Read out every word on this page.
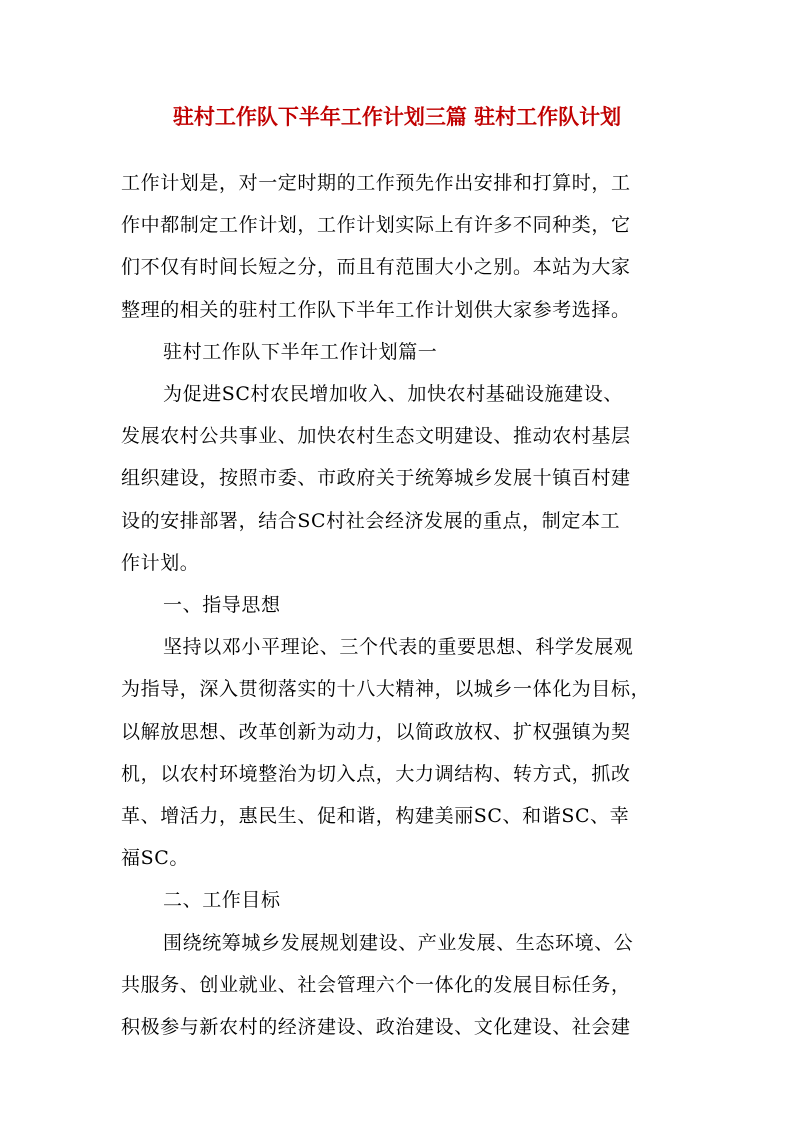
驻村工作队下半年工作计划三篇 驻村工作队计划

工作计划是，对一定时期的工作预先作出安排和打算时，工

作中都制定工作计划，工作计划实际上有许多不同种类，它

们不仅有时间长短之分，而且有范围大小之别。本站为大家

整理的相关的驻村工作队下半年工作计划供大家参考选择。

驻村工作队下半年工作计划篇一

为促进SC村农民增加收入、加快农村基础设施建设、

发展农村公共事业、加快农村生态文明建设、推动农村基层

组织建设，按照市委、市政府关于统筹城乡发展十镇百村建

设的安排部署，结合SC村社会经济发展的重点，制定本工

作计划。

一、指导思想

坚持以邓小平理论、三个代表的重要思想、科学发展观

为指导，深入贯彻落实的十八大精神，以城乡一体化为目标，

以解放思想、改革创新为动力，以简政放权、扩权强镇为契

机，以农村环境整治为切入点，大力调结构、转方式，抓改

革、增活力，惠民生、促和谐，构建美丽SC、和谐SC、幸

福SC。

二、工作目标

围绕统筹城乡发展规划建设、产业发展、生态环境、公

共服务、创业就业、社会管理六个一体化的发展目标任务，

积极参与新农村的经济建设、政治建设、文化建设、社会建
